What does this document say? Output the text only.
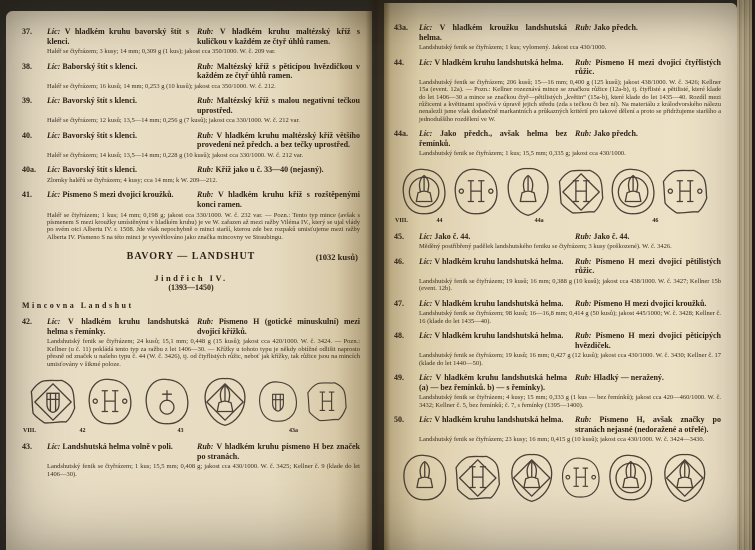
37.	Líc: V hladkém kruhu bavorský štít s klenci.
Rub: V hladkém kruhu maltézský kříž s kuličkou v každém ze čtyř úhlů ramen.
Haléř se čtyřrázem; 3 kusy; 14 mm; 0,309 g (1 kus); jakost cca 350/1000. W. č. 209 var.
38.	Líc: Baborský štít s klenci.	Rub: Maltézský kříž s pěticípou hvězdičkou v každém ze čtyř úhlů ramen.
Haléř se čtyřrázem; 16 kusů; 14 mm; 0,253 g (10 kusů); jakost cca 350/1000. W. č. 212.
39.	Líc: Bavorský štít s klenci.	Rub: Maltézský kříž s malou negativní tečkou uprostřed.
Haléř se čtyřrázem; 12 kusů; 13,5—14 mm; 0,256 g (7 kusů); jakost cca 330/1000. W. č. 212 var.
40.	Líc: Bavorský štít s klenci.	Rub: V hladkém kruhu maltézský kříž většího provedení než předch. a bez tečky uprostřed.
Haléř se čtyřrázem; 14 kusů; 13,5—14 mm; 0,228 g (10 kusů); jakost cca 330/1000. W. č. 212 var.
40a.	Líc: Bavorský štít s klenci.	Rub: Kříž jako u č. 33—40 (nejasný).
Zlomky haléřů se čtyřrázem; 4 kusy; cca 14 mm; k W. 209—212.
41.	Líc: Písmeno S mezi dvojicí kroužků.	Rub: V hladkém kruhu kříž s rozštěpenými konci ramen.
Haléř se čtyřrázem; 1 kus; 14 mm; 0,198 g; jakost cca 330/1000. W. č. 232 var. — Pozn.: Tento typ mince (avšak s písmenem S mezi kroužky umístěnými v hladkém kruhu) je ve W. zařazen až mezi ražby Viléma IV., který se ujal vlády po svém otci Albertu IV. r. 1508. Jde však nepochybně o minci starší, kterou zde bez rozpaků umisťujeme mezi ražby Alberta IV. Písmeno S na této minci je vysvětlováno jako značka mincovny ve Straubingu.
BAVORY — LANDSHUT	(1032 kusů)
Jindřich IV.
(1393—1450)
Mincovna Landshut
42.	Líc: V hladkém kruhu landshutská helma s řemínky.
Rub: Písmeno H (gotické minuskulní) mezi dvojicí křížků.
Landshutský fenik se čtyřrázem; 24 kusů; 15,1 mm; 0,448 g (15 kusů); jakost cca 420/1000. W. č. 3424. — Pozn.: Kellner (u č. 11) pokládá tento typ za ražbu z let 1406—30. — Křížky u tohoto typu je někdy obtížné odlišit naprosto přesně od značek u našeho typu č. 44 (W. č. 3426), tj. od čtyřlistých růžic, neboť jak křížky, tak růžice jsou na mincích umisťovány v šikmé poloze.
VIII.	42	43	43a
43.	Líc: Landshutská helma volně v poli.	Rub: V hladkém kruhu písmeno H bez značek po stranách.
Landshutský fenik se čtyřrázem; 1 kus; 15,5 mm; 0,408 g; jakost cca 430/1000. W. č. 3425; Kellner č. 9 (klade do let 1406—30).
43a.	Líc: V hladkém kroužku landshutská helma.
Rub: Jako předch.
Landshutský fenik se čtyřrázem; 1 kus; vylomený. Jakost cca 430/1000.
44.	Líc: V hladkém kruhu landshutská helma.	Rub: Písmeno H mezi dvojicí čtyřlistých růžic.
Landshutský fenik se čtyřrázem; 206 kusů; 15—16 mm; 0,400 g (125 kusů); jakost 438/1000. W. č. 3426; Kellner 15a (event. 12a). — Pozn.: Kellner rozeznává mince se značkou růžice (12a-b), tj. čtyřlisté a pětilisté, které klade do let 1406—30 a mince se značkou čtyř—pětilistých „květin“ (15a-b), které klade do let 1435—40. Rozdíl mezi růžicemi a květinami spočívá v úpravě jejich středu (zda s tečkou či bez ní). Na materiálu z králodvorského nálezu nenalezli jsme však dodatečně markantních a průkazných kritérií pro takové dělení a proto se přidržujeme staršího a jednoduššího rozdělení ve W.
44a.	Líc: Jako předch., avšak helma bez řemínků.
Rub: Jako předch.
Landshutský fenik se čtyřrázem; 1 kus; 15,5 mm; 0,335 g; jakost cca 430/1000.
VIII.	44	44a	46
45.	Líc: Jako č. 44.	Rub: Jako č. 44.
Měděný postříbřený padělek landshutského feniku se čtyřrázem; 3 kusy (poškozené). W. č. 3426.
46.	Líc: V hladkém kruhu landshutská helma.	Rub: Písmeno H mezi dvojicí pětilistých růžic.
Landshutský fenik se čtyřrázem; 19 kusů; 16 mm; 0,388 g (10 kusů); jakost cca 438/1000. W. č. 3427; Kellner 15b (event. 12b).
47.	Líc: V hladkém kruhu landshutská helma.	Rub: Písmeno H mezi dvojicí kroužků.
Landshutský fenik se čtyřrázem; 98 kusů; 16—16,8 mm; 0,414 g (50 kusů); jakost 445/1000; W. č. 3428; Kellner č. 16 (klade do let 1435—40).
48.	Líc: V hladkém kruhu landshutská helma.	Rub: Písmeno H mezi dvojicí pěticípých hvězdiček.
Landshutský fenik se čtyřrázem; 19 kusů; 16 mm; 0,427 g (12 kusů); jakost cca 430/1000. W. č. 3430; Kellner č. 17 (klade do let 1440—50).
49.	Líc: V hladkém kruhu landshutská helma (a) — bez řemínků. b) — s řemínky).
Rub: Hladký — neražený.
Landshutský fenik se čtyřrázem; 4 kusy; 15 mm; 0,333 g (1 kus — bez řemínků); jakost cca 420—460/1000. W. č. 3432; Kellner č. 5, bez řemínků; č. 7, s řemínky (1395—1400).
50.	Líc: V hladkém kruhu landshutská helma.	Rub: Písmeno H, avšak značky po stranách nejasné (nedoražené a otřelé).
Landshutský fenik se čtyřrázem; 23 kusy; 16 mm; 0,415 g (10 kusů); jakost cca 430/1000. W. č. 3424—3430.
